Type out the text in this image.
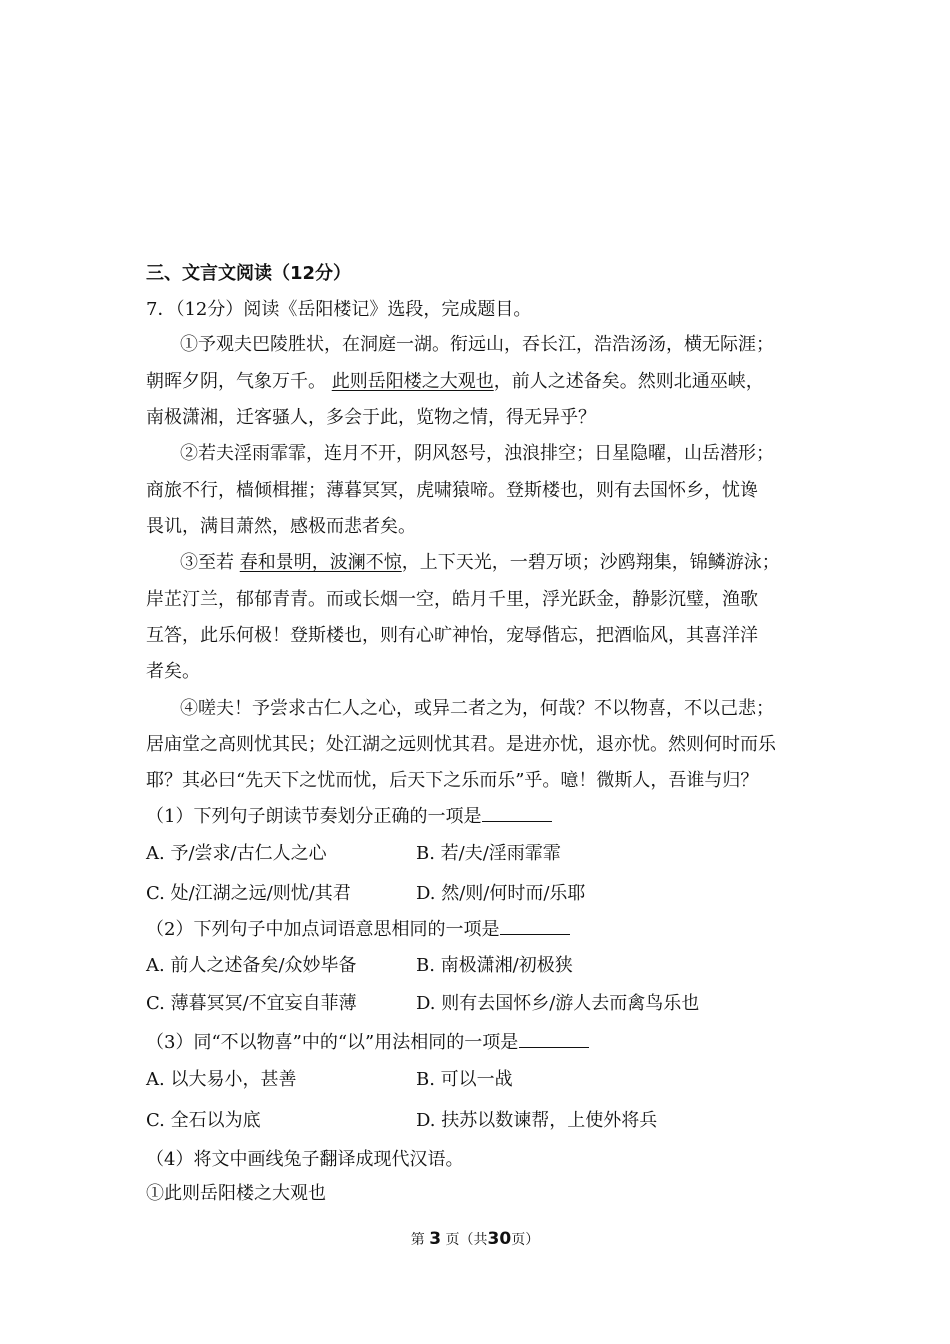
三、文言文阅读（12分）
7．（12分）阅读《岳阳楼记》选段，完成题目。
①予观夫巴陵胜状，在洞庭一湖。衔远山，吞长江，浩浩汤汤，横无际涯；
朝晖夕阴，气象万千。 此则岳阳楼之大观也，前人之述备矣。然则北通巫峡，
南极潇湘，迁客骚人，多会于此，览物之情，得无异乎？
②若夫淫雨霏霏，连月不开，阴风怒号，浊浪排空；日星隐曜，山岳潜形；
商旅不行，樯倾楫摧；薄暮冥冥，虎啸猿啼。登斯楼也，则有去国怀乡，忧谗
畏讥，满目萧然，感极而悲者矣。
③至若 春和景明，波澜不惊，上下天光，一碧万顷；沙鸥翔集，锦鳞游泳；
岸芷汀兰，郁郁青青。而或长烟一空，皓月千里，浮光跃金，静影沉璧，渔歌
互答，此乐何极！登斯楼也，则有心旷神怡，宠辱偕忘，把酒临风，其喜洋洋
者矣。
④嗟夫！予尝求古仁人之心，或异二者之为，何哉？不以物喜，不以己悲；
居庙堂之高则忧其民；处江湖之远则忧其君。是进亦忧，退亦忧。然则何时而乐
耶？其必曰“先天下之忧而忧，后天下之乐而乐”乎。噫！微斯人，吾谁与归？
（1）下列句子朗读节奏划分正确的一项是
A. 予/尝求/古仁人之心	B. 若/夫/淫雨霏霏
C. 处/江湖之远/则忧/其君	D. 然/则/何时而/乐耶
（2）下列句子中加点词语意思相同的一项是
A. 前人之述备矣/众妙毕备	B. 南极潇湘/初极狭
C. 薄暮冥冥/不宜妄自菲薄	D. 则有去国怀乡/游人去而禽鸟乐也
（3）同“不以物喜”中的“以”用法相同的一项是
A. 以大易小，甚善	B. 可以一战
C. 全石以为底	D. 扶苏以数谏帮，上使外将兵
（4）将文中画线兔子翻译成现代汉语。
①此则岳阳楼之大观也
第 3 页（共30页）
